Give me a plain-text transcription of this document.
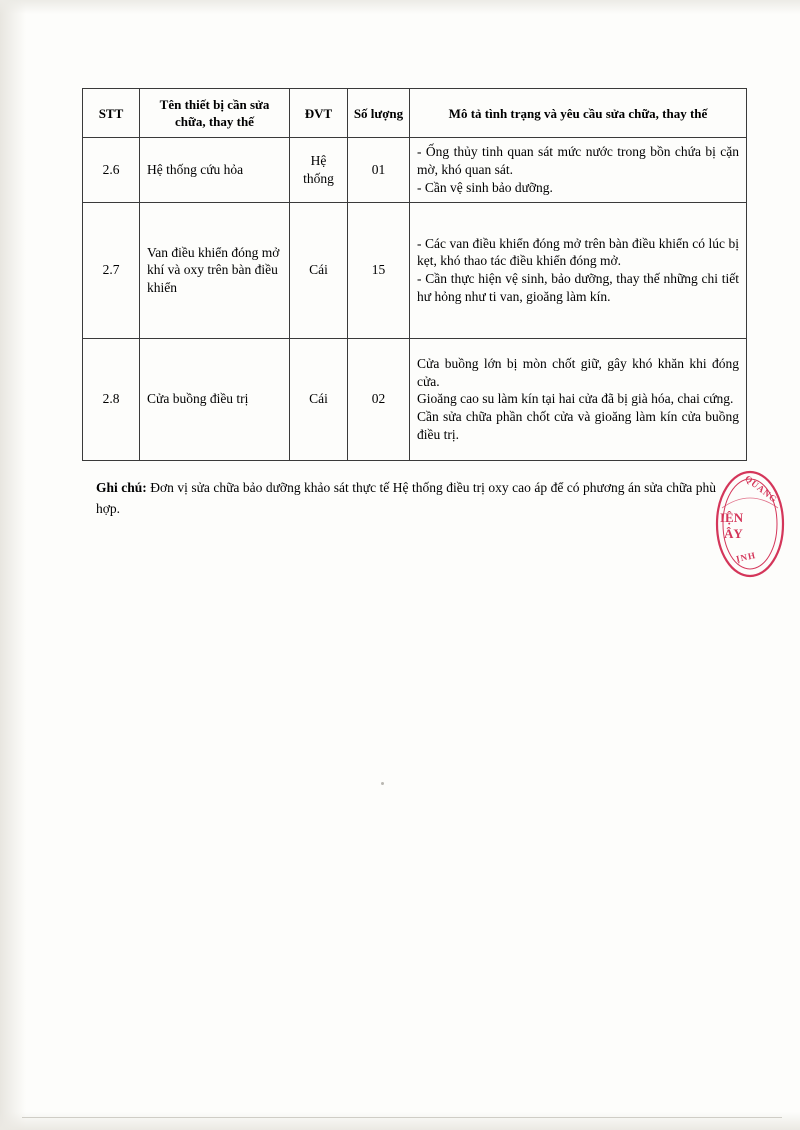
STT	Tên thiết bị cần sửa chữa, thay thế	ĐVT	Số lượng	Mô tả tình trạng và yêu cầu sửa chữa, thay thế
2.6	Hệ thống cứu hỏa	Hệ thống	01	- Ống thủy tinh quan sát mức nước trong bồn chứa bị cặn mờ, khó quan sát.
- Cần vệ sinh bảo dưỡng.

2.7	Van điều khiển đóng mở khí và oxy trên bàn điều khiển	Cái	15	- Các van điều khiển đóng mở trên bàn điều khiển có lúc bị kẹt, khó thao tác điều khiển đóng mở.
- Cần thực hiện vệ sinh, bảo dưỡng, thay thế những chi tiết hư hỏng như ti van, gioăng làm kín.

2.8	Cửa buồng điều trị	Cái	02	Cửa buồng lớn bị mòn chốt giữ, gây khó khăn khi đóng cửa.
Gioăng cao su làm kín tại hai cửa đã bị già hóa, chai cứng.
Cần sửa chữa phần chốt cửa và gioăng làm kín cửa buồng điều trị.
Ghi chú: Đơn vị sửa chữa bảo dưỡng khảo sát thực tế Hệ thống điều trị oxy cao áp để có phương án sửa chữa phù hợp.
QUANG
IỆN
ÂY
ỊNH
